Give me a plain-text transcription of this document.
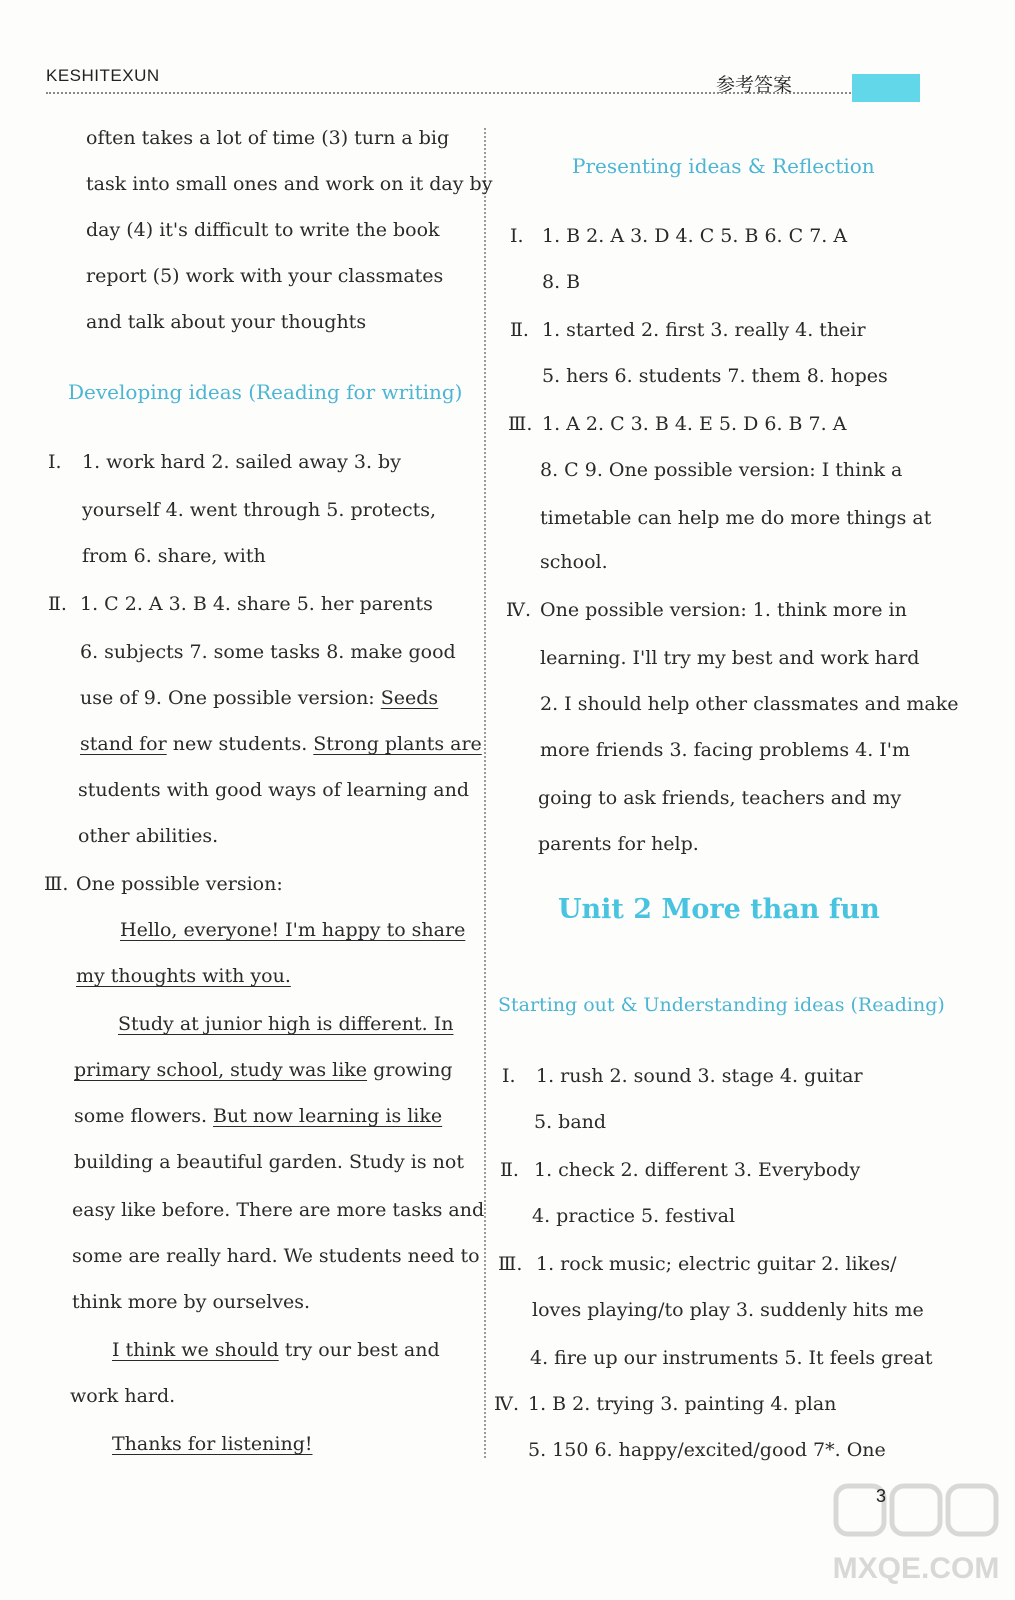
KESHITEXUN	参考答案
often takes a lot of time (3) turn a big
task into small ones and work on it day by
day (4) it's difficult to write the book
report (5) work with your classmates
and talk about your thoughts
Developing ideas (Reading for writing)
Ⅰ. 1. work hard 2. sailed away 3. by
yourself 4. went through 5. protects,
from 6. share, with
Ⅱ. 1. C 2. A 3. B 4. share 5. her parents
6. subjects 7. some tasks 8. make good
use of 9. One possible version: Seeds
stand for new students. Strong plants are
students with good ways of learning and
other abilities.
Ⅲ. One possible version:
Hello, everyone! I'm happy to share
my thoughts with you.
Study at junior high is different. In
primary school, study was like growing
some flowers. But now learning is like
building a beautiful garden. Study is not
easy like before. There are more tasks and
some are really hard. We students need to
think more by ourselves.
I think we should try our best and
work hard.
Thanks for listening!
Presenting ideas & Reflection
Ⅰ. 1. B 2. A 3. D 4. C 5. B 6. C 7. A
8. B
Ⅱ. 1. started 2. first 3. really 4. their
5. hers 6. students 7. them 8. hopes
Ⅲ. 1. A 2. C 3. B 4. E 5. D 6. B 7. A
8. C 9. One possible version: I think a
timetable can help me do more things at
school.
Ⅳ. One possible version: 1. think more in
learning. I'll try my best and work hard
2. I should help other classmates and make
more friends 3. facing problems 4. I'm
going to ask friends, teachers and my
parents for help.
Unit 2 More than fun
Starting out & Understanding ideas (Reading)
Ⅰ. 1. rush 2. sound 3. stage 4. guitar
5. band
Ⅱ. 1. check 2. different 3. Everybody
4. practice 5. festival
Ⅲ. 1. rock music; electric guitar 2. likes/
loves playing/to play 3. suddenly hits me
4. fire up our instruments 5. It feels great
Ⅳ. 1. B 2. trying 3. painting 4. plan
5. 150 6. happy/excited/good 7*. One
MXQE.COM
3
